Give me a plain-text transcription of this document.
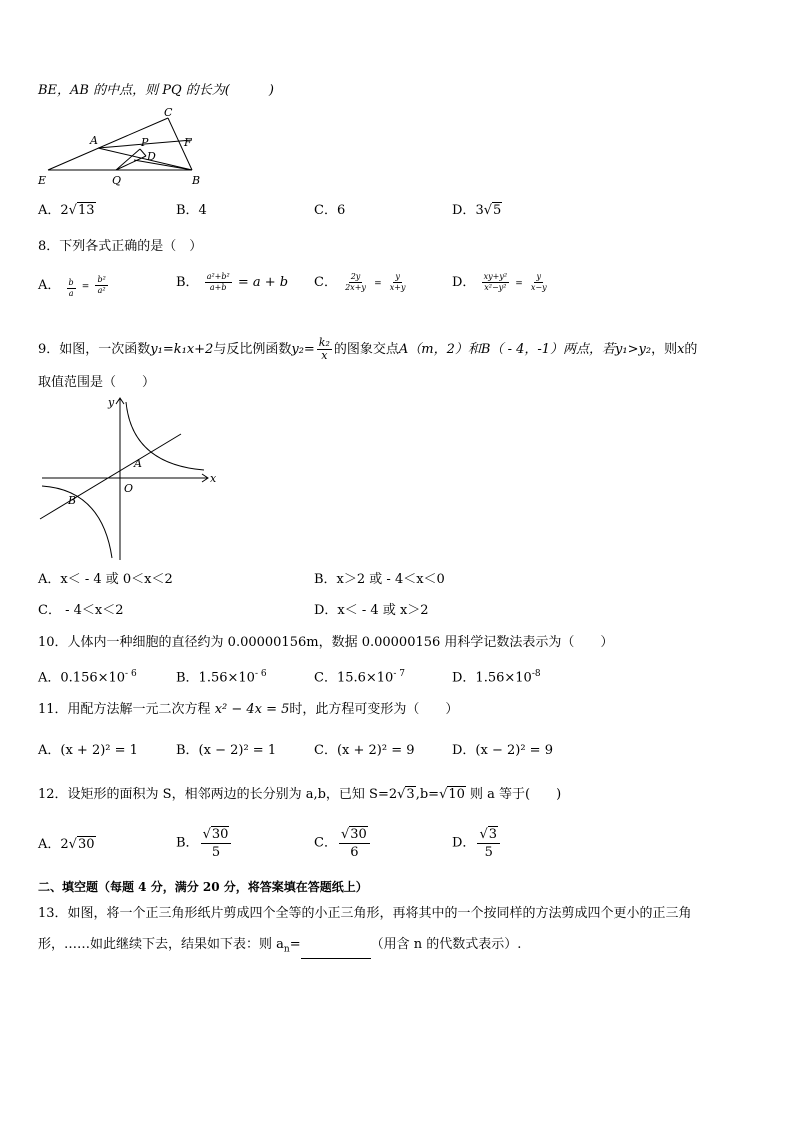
BE，AB 的中点，则 PQ 的长为(　　　)
E
A
C
P	F
D
Q	B
A．2√13	B．4	C．6	D．3√5
8．下列各式正确的是（　）
A． $\frac{b}{a} = \frac{\text{b²}}{\text{a²}}$	B． $\frac{\text{a²+b²}}{a+b} = a + b$ C． $\frac{2y}{2x+y} = \frac{y}{x+y}$	D． $\frac{\text{xy+y²}}{\text{x²−y²}} = \frac{y}{x-y}$
9．如图，一次函数y₁=k₁x+2与反比例函数$y_2= \frac{\text{k₂}}{x}$ 的图象交点A（m，2）和B（ - 4，-1）两点，若y₁>y₂，则x的
取值范围是（　　）
y
x
A
O
B
A．x＜ - 4 或 0＜x＜2	B．x＞2 或 - 4＜x＜0
C． - 4＜x＜2	D．x＜ - 4 或 x＞2
10．人体内一种细胞的直径约为 0.00000156m，数据 0.00000156 用科学记数法表示为（　　）
A．$0.156\times 10^{- 6}$	B．$1.56\times 10^{- 6}$	C．$15.6\times 10^{- 7}$	D．$1.56\times 10^{-8}$
11．用配方法解一元二次方程 x² − 4x = 5时，此方程可变形为（　　）
A．(x + 2)² = 1	B．(x − 2)² = 1	C．(x + 2)² = 9	D．(x − 2)² = 9
12．设矩形的面积为 S，相邻两边的长分别为 a,b，已知 S=2√3,b=√10 则 a 等于(　　)
A．2√30	B． $\frac{√30}{5}$	C． $\frac{√30}{6}$	D． $\frac{√3}{5}$
二、填空题（每题 4 分，满分 20 分，将答案填在答题纸上）
13．如图，将一个正三角形纸片剪成四个全等的小正三角形，再将其中的一个按同样的方法剪成四个更小的正三角
形，……如此继续下去，结果如下表：则 $a_n=$	（用含 n 的代数式表示）.
